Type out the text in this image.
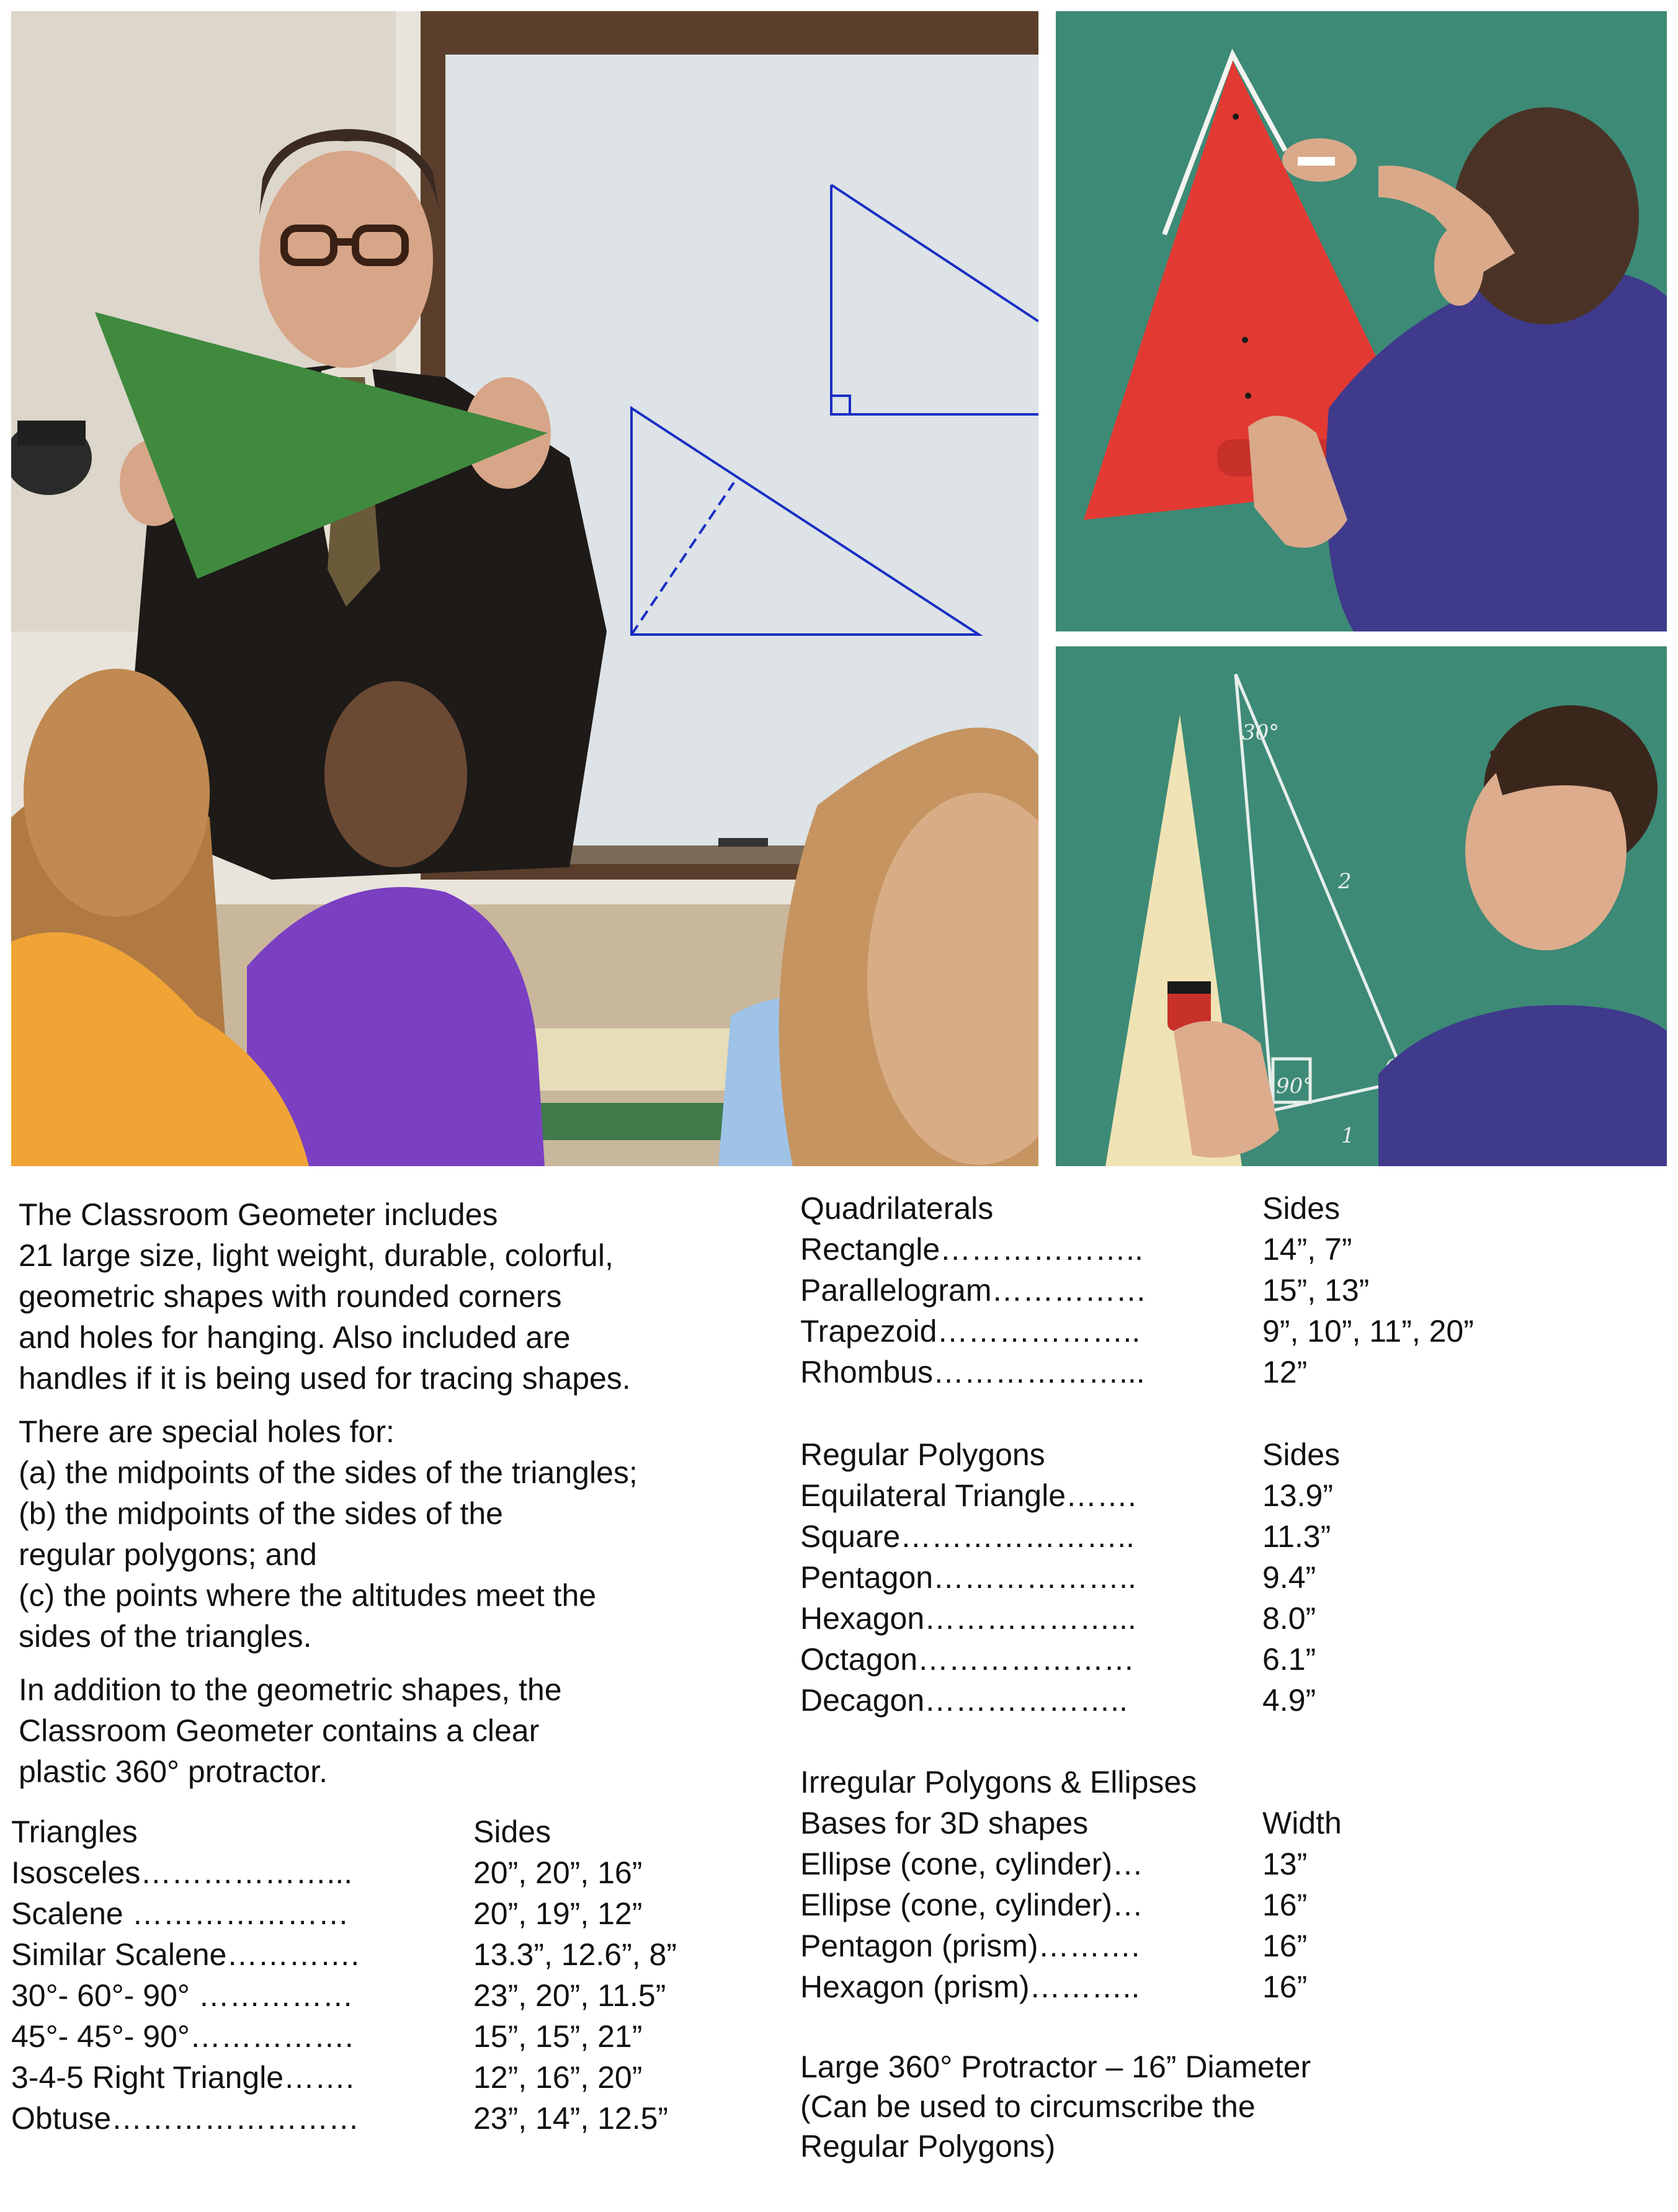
30°
2
90°
1

The Classroom Geometer includes

21 large size, light weight, durable, colorful,

geometric shapes with rounded corners

and holes for hanging. Also included are

handles if it is being used for tracing shapes.

There are special holes for:

(a) the midpoints of the sides of the triangles;

(b) the midpoints of the sides of the

regular polygons; and

(c) the points where the altitudes meet the

sides of the triangles.

In addition to the geometric shapes, the

Classroom Geometer contains a clear

plastic 360° protractor.

Triangles	Sides
Isosceles………………...	20”, 20”, 16”
Scalene …………………	20”, 19”, 12”
Similar Scalene………….	13.3”, 12.6”, 8”
30°- 60°- 90° ……………	23”, 20”, 11.5”
45°- 45°- 90°…………….	15”, 15”, 21”
3-4-5 Right Triangle…….	12”, 16”, 20”
Obtuse……………………	23”, 14”, 12.5”
Quadrilaterals	Sides
Rectangle………………..	14”, 7”
Parallelogram……………	15”, 13”
Trapezoid………………..	9”, 10”, 11”, 20”
Rhombus………………...	12”
Regular Polygons	Sides
Equilateral Triangle…….	13.9”
Square…………………..	11.3”
Pentagon………………..	9.4”
Hexagon………………...	8.0”
Octagon…………………	6.1”
Decagon………………..	4.9”
Irregular Polygons & Ellipses
Bases for 3D shapes	Width
Ellipse (cone, cylinder)…	13”
Ellipse (cone, cylinder)…	16”
Pentagon (prism)……….	16”
Hexagon (prism)………..	16”

Large 360° Protractor – 16” Diameter

(Can be used to circumscribe the

Regular Polygons)
